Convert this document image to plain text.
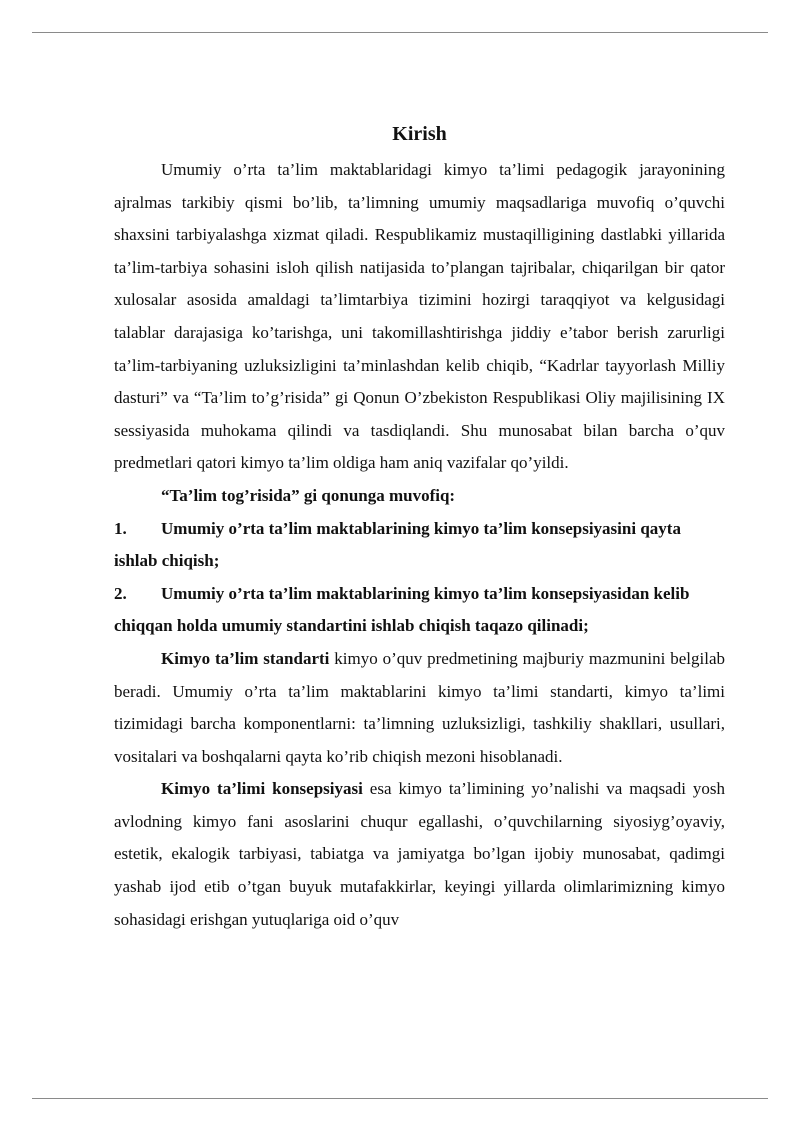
Kirish

Umumiy o’rta ta’lim maktablaridagi kimyo ta’limi pedagogik jarayonining ajralmas tarkibiy qismi bo’lib, ta’limning umumiy maqsadlariga muvofiq o’quvchi shaxsini tarbiyalashga xizmat qiladi. Respublikamiz mustaqilligining dastlabki yillarida ta’lim-tarbiya sohasini isloh qilish natijasida to’plangan tajribalar, chiqarilgan bir qator xulosalar asosida amaldagi ta’limtarbiya tizimini hozirgi taraqqiyot va kelgusidagi talablar darajasiga ko’tarishga, uni takomillashtirishga jiddiy e’tabor berish zarurligi ta’lim-tarbiyaning uzluksizligini ta’minlashdan kelib chiqib, “Kadrlar tayyorlash Milliy dasturi” va “Ta’lim to’g’risida” gi Qonun O’zbekiston Respublikasi Oliy majilisining IX sessiyasida muhokama qilindi va tasdiqlandi. Shu munosabat bilan barcha o’quv predmetlari qatori kimyo ta’lim oldiga ham aniq vazifalar qo’yildi.

“Ta’lim tog’risida” gi qonunga muvofiq:

1. Umumiy o’rta ta’lim maktablarining kimyo ta’lim konsepsiyasini qayta ishlab chiqish;

2. Umumiy o’rta ta’lim maktablarining kimyo ta’lim konsepsiyasidan kelib chiqqan holda umumiy standartini ishlab chiqish taqazo qilinadi;

Kimyo ta’lim standarti kimyo o’quv predmetining majburiy mazmunini belgilab beradi. Umumiy o’rta ta’lim maktablarini kimyo ta’limi standarti, kimyo ta’limi tizimidagi barcha komponentlarni: ta’limning uzluksizligi, tashkiliy shakllari, usullari, vositalari va boshqalarni qayta ko’rib chiqish mezoni hisoblanadi.

Kimyo ta’limi konsepsiyasi esa kimyo ta’limining yo’nalishi va maqsadi yosh avlodning kimyo fani asoslarini chuqur egallashi, o’quvchilarning siyosiyg’oyaviy, estetik, ekalogik tarbiyasi, tabiatga va jamiyatga bo’lgan ijobiy munosabat, qadimgi yashab ijod etib o’tgan buyuk mutafakkirlar, keyingi yillarda olimlarimizning kimyo sohasidagi erishgan yutuqlariga oid o’quv
